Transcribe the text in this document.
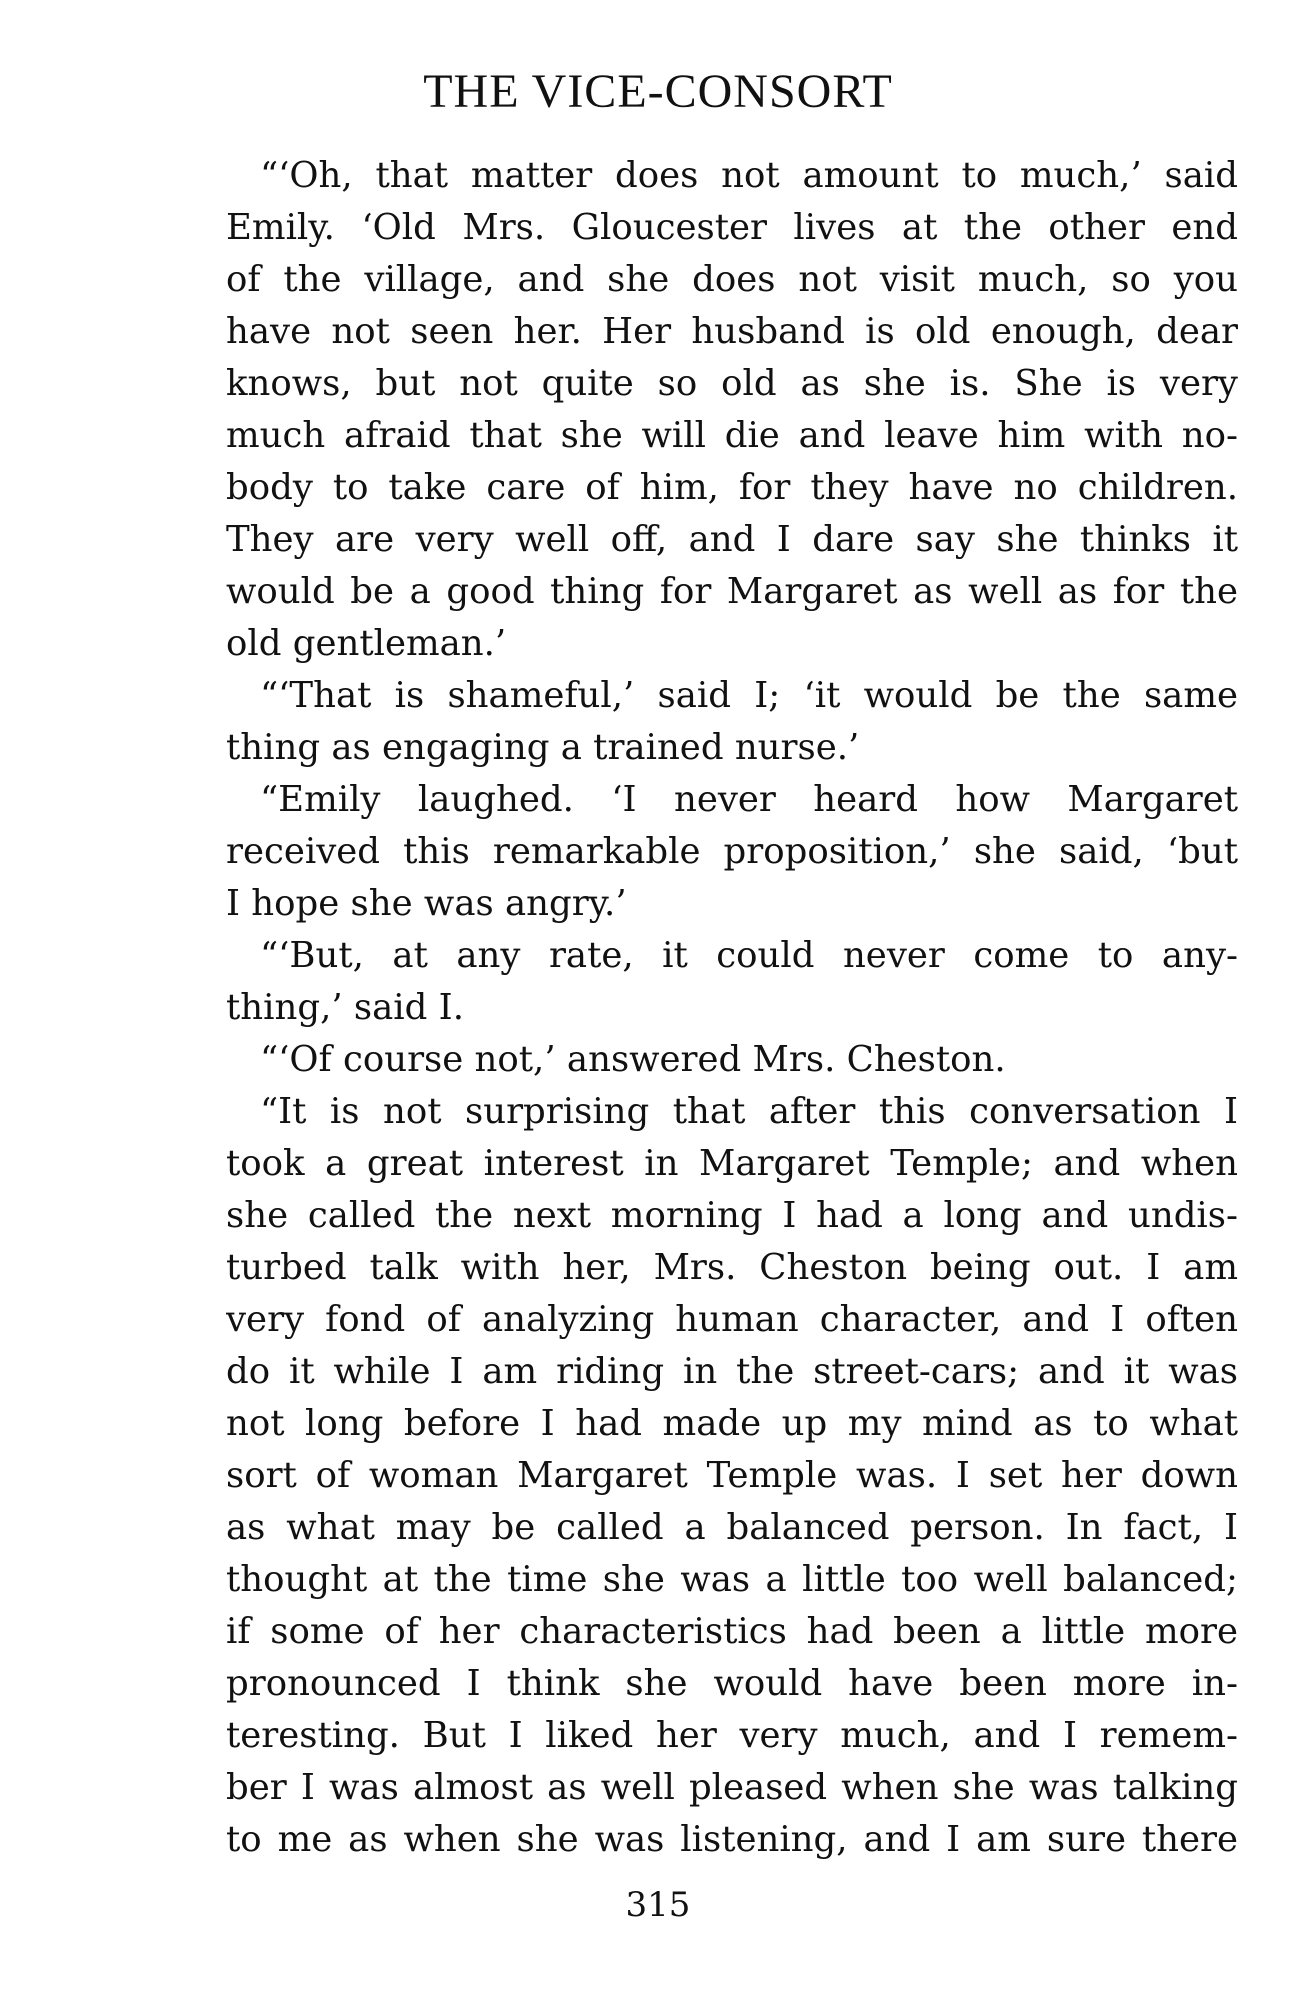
THE VICE-CONSORT
“‘Oh, that matter does not amount to much,’ said
Emily. ‘Old Mrs. Gloucester lives at the other end
of the village, and she does not visit much, so you
have not seen her. Her husband is old enough, dear
knows, but not quite so old as she is. She is very
much afraid that she will die and leave him with no-
body to take care of him, for they have no children.
They are very well off, and I dare say she thinks it
would be a good thing for Margaret as well as for the
old gentleman.’
“‘That is shameful,’ said I; ‘it would be the same
thing as engaging a trained nurse.’
“Emily laughed. ‘I never heard how Margaret
received this remarkable proposition,’ she said, ‘but
I hope she was angry.’
“‘But, at any rate, it could never come to any-
thing,’ said I.
“‘Of course not,’ answered Mrs. Cheston.
“It is not surprising that after this conversation I
took a great interest in Margaret Temple; and when
she called the next morning I had a long and undis-
turbed talk with her, Mrs. Cheston being out. I am
very fond of analyzing human character, and I often
do it while I am riding in the street-cars; and it was
not long before I had made up my mind as to what
sort of woman Margaret Temple was. I set her down
as what may be called a balanced person. In fact, I
thought at the time she was a little too well balanced;
if some of her characteristics had been a little more
pronounced I think she would have been more in-
teresting. But I liked her very much, and I remem-
ber I was almost as well pleased when she was talking
to me as when she was listening, and I am sure there
315
